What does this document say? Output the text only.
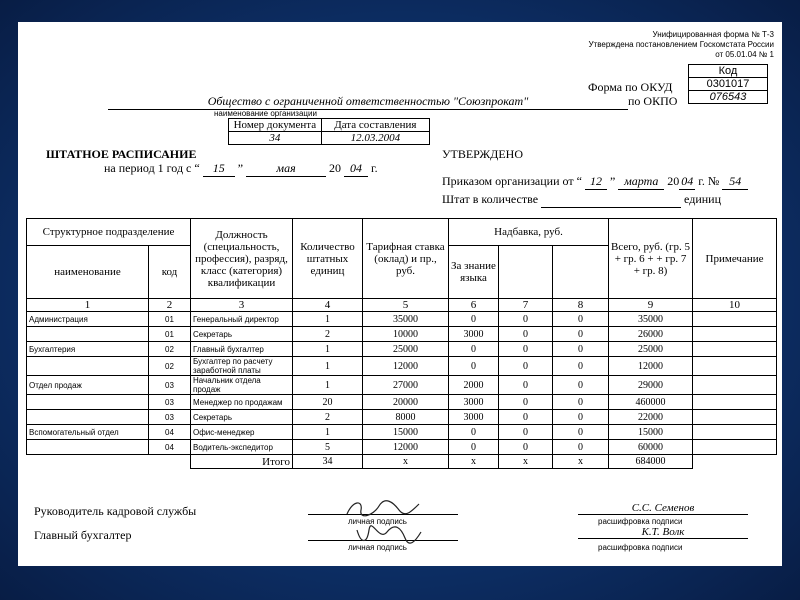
Унифицированная форма № Т-3
Утверждена постановлением Госкомстата России
от 05.01.04 № 1
Код
0301017
076543
Форма по ОКУД
по ОКПО
Общество с ограниченной ответственностью "Союзпрокат"
наименование организации
Номер документа	Дата составления
34	12.03.2004
ШТАТНОЕ РАСПИСАНИЕ
на период 1 год с “ 15 ”	мая	20 04 г.
УТВЕРЖДЕНО
Приказом организации от “ 12 ” марта 20 04 г. № 54
Штат в количестве	единиц
Структурное подразделение		Должность (специальность, профессия), разряд, класс (категория) квалификации	Количество штатных единиц	Тарифная ставка (оклад) и пр., руб.	Надбавка, руб.			Всего, руб. (гр. 5 + гр. 6 + + гр. 7 + гр. 8)	Примечание
наименование	код				За знание языка				
1	2	3	4	5	6	7	8	9	10
Администрация	01	Генеральный директор	1	35000	0	0	0	35000	
	01	Секретарь	2	10000	3000	0	0	26000	
Бухгалтерия	02	Главный бухгалтер	1	25000	0	0	0	25000	
	02	Бухгалтер по расчету заработной платы	1	12000	0	0	0	12000	
Отдел продаж	03	Начальник отдела продаж	1	27000	2000	0	0	29000	
	03	Менеджер по продажам	20	20000	3000	0	0	460000	
	03	Секретарь	2	8000	3000	0	0	22000	
Вспомогательный отдел	04	Офис-менеджер	1	15000	0	0	0	15000	
	04	Водитель-экспедитор	5	12000	0	0	0	60000	
		Итого	34	x	x	x	x	684000	
Руководитель кадровой службы
личная подпись
С.С. Семенов
расшифровка подписи
Главный бухгалтер
личная подпись
К.Т. Волк
расшифровка подписи
